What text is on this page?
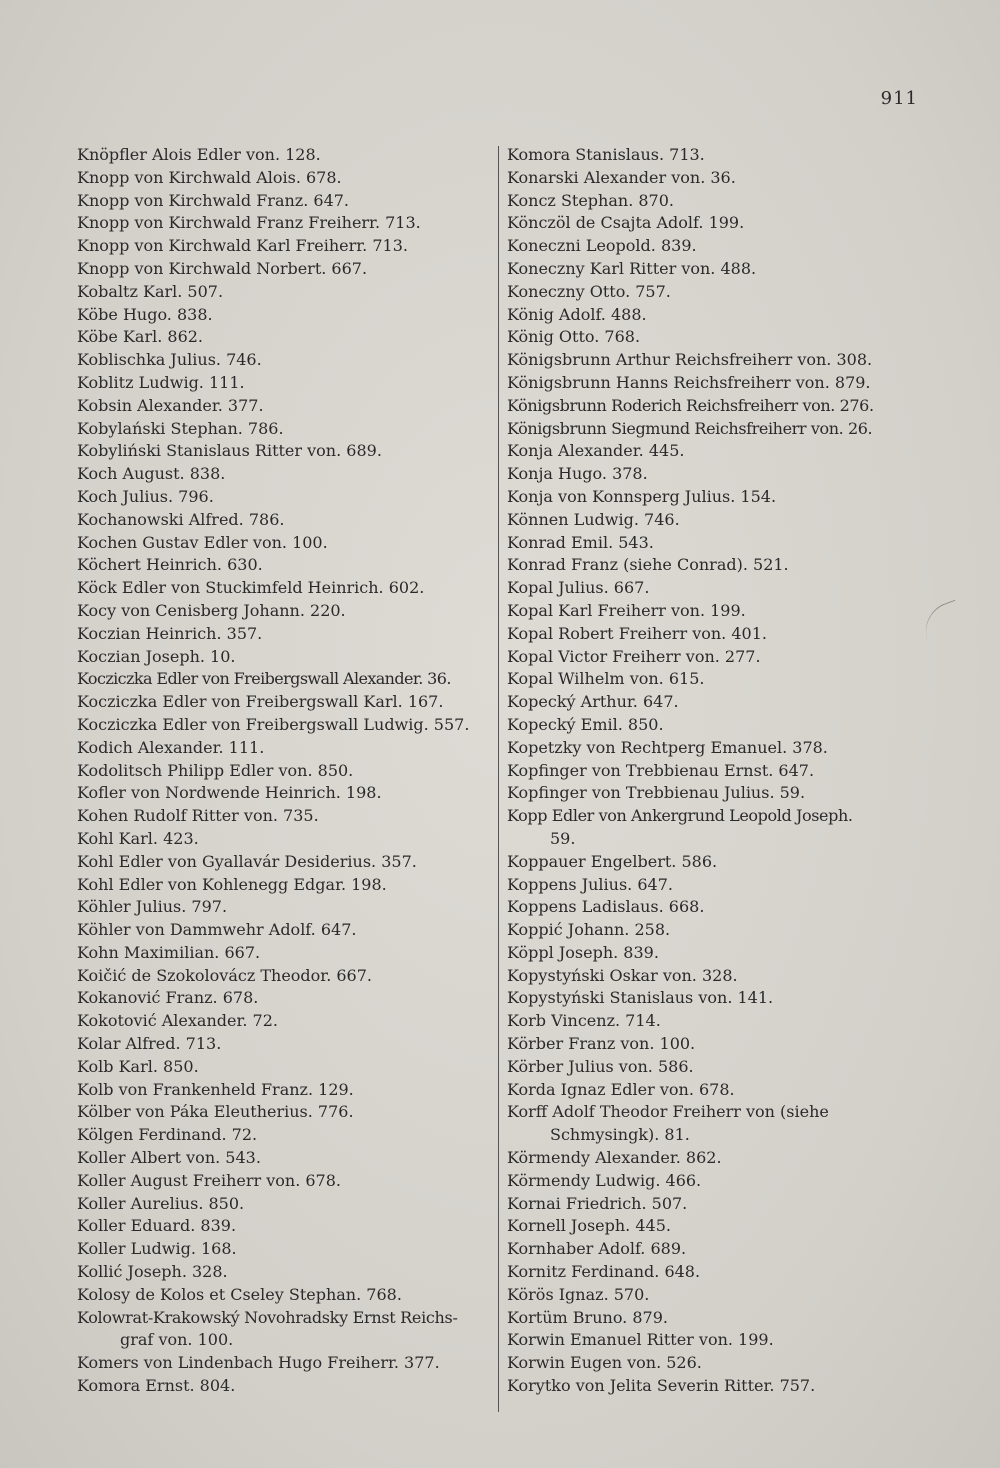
911
Knöpfler Alois Edler von. 128.
Knopp von Kirchwald Alois. 678.
Knopp von Kirchwald Franz. 647.
Knopp von Kirchwald Franz Freiherr. 713.
Knopp von Kirchwald Karl Freiherr. 713.
Knopp von Kirchwald Norbert. 667.
Kobaltz Karl. 507.
Köbe Hugo. 838.
Köbe Karl. 862.
Koblischka Julius. 746.
Koblitz Ludwig. 111.
Kobsin Alexander. 377.
Kobylański Stephan. 786.
Kobyliński Stanislaus Ritter von. 689.
Koch August. 838.
Koch Julius. 796.
Kochanowski Alfred. 786.
Kochen Gustav Edler von. 100.
Köchert Heinrich. 630.
Köck Edler von Stuckimfeld Heinrich. 602.
Kocy von Cenisberg Johann. 220.
Koczian Heinrich. 357.
Koczian Joseph. 10.
Kocziczka Edler von Freibergswall Alexander. 36.
Kocziczka Edler von Freibergswall Karl. 167.
Kocziczka Edler von Freibergswall Ludwig. 557.
Kodich Alexander. 111.
Kodolitsch Philipp Edler von. 850.
Kofler von Nordwende Heinrich. 198.
Kohen Rudolf Ritter von. 735.
Kohl Karl. 423.
Kohl Edler von Gyallavár Desiderius. 357.
Kohl Edler von Kohlenegg Edgar. 198.
Köhler Julius. 797.
Köhler von Dammwehr Adolf. 647.
Kohn Maximilian. 667.
Koičić de Szokolovácz Theodor. 667.
Kokanović Franz. 678.
Kokotović Alexander. 72.
Kolar Alfred. 713.
Kolb Karl. 850.
Kolb von Frankenheld Franz. 129.
Kölber von Páka Eleutherius. 776.
Kölgen Ferdinand. 72.
Koller Albert von. 543.
Koller August Freiherr von. 678.
Koller Aurelius. 850.
Koller Eduard. 839.
Koller Ludwig. 168.
Kollić Joseph. 328.
Kolosy de Kolos et Cseley Stephan. 768.
Kolowrat-Krakowský Novohradsky Ernst Reichs-
graf von. 100.
Komers von Lindenbach Hugo Freiherr. 377.
Komora Ernst. 804.
Komora Stanislaus. 713.
Konarski Alexander von. 36.
Koncz Stephan. 870.
Könczöl de Csajta Adolf. 199.
Koneczni Leopold. 839.
Koneczny Karl Ritter von. 488.
Koneczny Otto. 757.
König Adolf. 488.
König Otto. 768.
Königsbrunn Arthur Reichsfreiherr von. 308.
Königsbrunn Hanns Reichsfreiherr von. 879.
Königsbrunn Roderich Reichsfreiherr von. 276.
Königsbrunn Siegmund Reichsfreiherr von. 26.
Konja Alexander. 445.
Konja Hugo. 378.
Konja von Konnsperg Julius. 154.
Können Ludwig. 746.
Konrad Emil. 543.
Konrad Franz (siehe Conrad). 521.
Kopal Julius. 667.
Kopal Karl Freiherr von. 199.
Kopal Robert Freiherr von. 401.
Kopal Victor Freiherr von. 277.
Kopal Wilhelm von. 615.
Kopecký Arthur. 647.
Kopecký Emil. 850.
Kopetzky von Rechtperg Emanuel. 378.
Kopfinger von Trebbienau Ernst. 647.
Kopfinger von Trebbienau Julius. 59.
Kopp Edler von Ankergrund Leopold Joseph.
59.
Koppauer Engelbert. 586.
Koppens Julius. 647.
Koppens Ladislaus. 668.
Koppić Johann. 258.
Köppl Joseph. 839.
Kopystyński Oskar von. 328.
Kopystyński Stanislaus von. 141.
Korb Vincenz. 714.
Körber Franz von. 100.
Körber Julius von. 586.
Korda Ignaz Edler von. 678.
Korff Adolf Theodor Freiherr von (siehe
Schmysingk). 81.
Körmendy Alexander. 862.
Körmendy Ludwig. 466.
Kornai Friedrich. 507.
Kornell Joseph. 445.
Kornhaber Adolf. 689.
Kornitz Ferdinand. 648.
Körös Ignaz. 570.
Kortüm Bruno. 879.
Korwin Emanuel Ritter von. 199.
Korwin Eugen von. 526.
Korytko von Jelita Severin Ritter. 757.
